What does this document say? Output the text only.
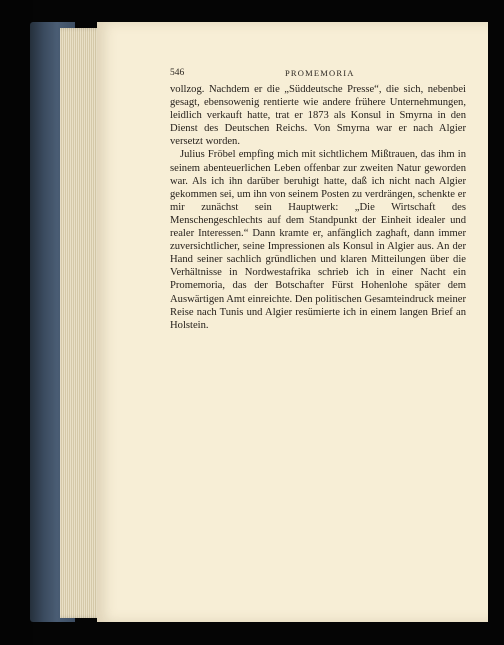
546	PROMEMORIA

vollzog. Nachdem er die „Süddeutsche Presse“, die sich, nebenbei gesagt, ebensowenig rentierte wie andere frühere Unternehmungen, leidlich verkauft hatte, trat er 1873 als Konsul in Smyrna in den Dienst des Deutschen Reichs. Von Smyrna war er nach Algier versetzt worden.

Julius Fröbel empfing mich mit sichtlichem Mißtrauen, das ihm in seinem abenteuerlichen Leben offenbar zur zweiten Natur geworden war. Als ich ihn darüber beruhigt hatte, daß ich nicht nach Algier gekommen sei, um ihn von seinem Posten zu verdrängen, schenkte er mir zunächst sein Hauptwerk: „Die Wirtschaft des Menschengeschlechts auf dem Standpunkt der Einheit idealer und realer Interessen.“ Dann kramte er, anfänglich zaghaft, dann immer zuversichtlicher, seine Impressionen als Konsul in Algier aus. An der Hand seiner sachlich gründlichen und klaren Mitteilungen über die Verhältnisse in Nordwestafrika schrieb ich in einer Nacht ein Promemoria, das der Botschafter Fürst Hohenlohe später dem Auswärtigen Amt einreichte. Den politischen Gesamteindruck meiner Reise nach Tunis und Algier resümierte ich in einem langen Brief an Holstein.
